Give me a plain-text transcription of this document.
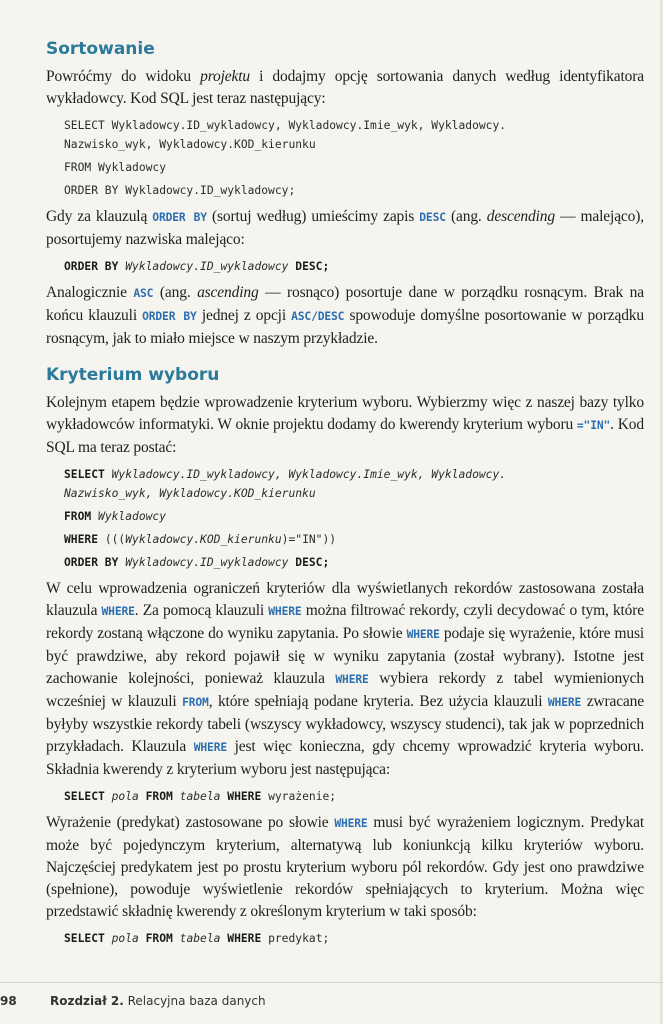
Sortowanie

Powróćmy do widoku projektu i dodajmy opcję sortowania danych według identyfikatora wykładowcy. Kod SQL jest teraz następujący:

SELECT Wykladowcy.ID_wykladowcy, Wykladowcy.Imie_wyk, Wykladowcy.
Nazwisko_wyk, Wykladowcy.KOD_kierunku
FROM Wykladowcy
ORDER BY Wykladowcy.ID_wykladowcy;

Gdy za klauzulą ORDER BY (sortuj według) umieścimy zapis DESC (ang. descending — malejąco), posortujemy nazwiska malejąco:

ORDER BY Wykladowcy.ID_wykladowcy DESC;

Analogicznie ASC (ang. ascending — rosnąco) posortuje dane w porządku rosnącym. Brak na końcu klauzuli ORDER BY jednej z opcji ASC/DESC spowoduje domyślne posortowanie w porządku rosnącym, jak to miało miejsce w naszym przykładzie.

Kryterium wyboru

Kolejnym etapem będzie wprowadzenie kryterium wyboru. Wybierzmy więc z naszej bazy tylko wykładowców informatyki. W oknie projektu dodamy do kwerendy kryterium wyboru ="IN". Kod SQL ma teraz postać:

SELECT Wykladowcy.ID_wykladowcy, Wykladowcy.Imie_wyk, Wykladowcy.
Nazwisko_wyk, Wykladowcy.KOD_kierunku
FROM Wykladowcy
WHERE (((Wykladowcy.KOD_kierunku)="IN"))
ORDER BY Wykladowcy.ID_wykladowcy DESC;

W celu wprowadzenia ograniczeń kryteriów dla wyświetlanych rekordów zastosowana została klauzula WHERE. Za pomocą klauzuli WHERE można filtrować rekordy, czyli decydować o tym, które rekordy zostaną włączone do wyniku zapytania. Po słowie WHERE podaje się wyrażenie, które musi być prawdziwe, aby rekord pojawił się w wyniku zapytania (został wybrany). Istotne jest zachowanie kolejności, ponieważ klauzula WHERE wybiera rekordy z tabel wymienionych wcześniej w klauzuli FROM, które spełniają podane kryteria. Bez użycia klauzuli WHERE zwracane byłyby wszystkie rekordy tabeli (wszyscy wykładowcy, wszyscy studenci), tak jak w poprzednich przykładach. Klauzula WHERE jest więc konieczna, gdy chcemy wprowadzić kryteria wyboru. Składnia kwerendy z kryterium wyboru jest następująca:

SELECT pola FROM tabela WHERE wyrażenie;

Wyrażenie (predykat) zastosowane po słowie WHERE musi być wyrażeniem logicznym. Predykat może być pojedynczym kryterium, alternatywą lub koniunkcją kilku kryteriów wyboru. Najczęściej predykatem jest po prostu kryterium wyboru pól rekordów. Gdy jest ono prawdziwe (spełnione), powoduje wyświetlenie rekordów spełniających to kryterium. Można więc przedstawić składnię kwerendy z określonym kryterium w taki sposób:

SELECT pola FROM tabela WHERE predykat;
98	Rozdział 2. Relacyjna baza danych
